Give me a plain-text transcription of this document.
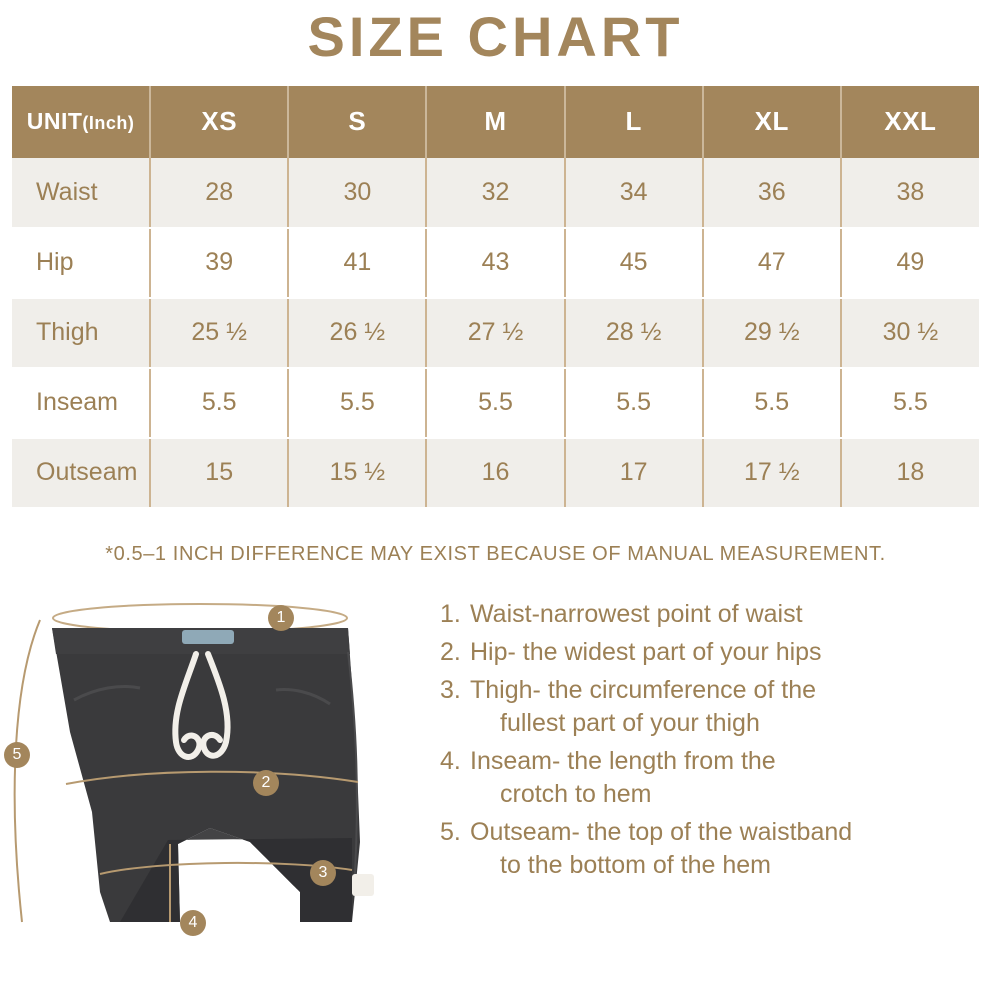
SIZE CHART
UNIT(Inch)	XS	S	M	L	XL	XXL
Waist	28	30	32	34	36	38
Hip	39	41	43	45	47	49
Thigh	25 ½	26 ½	27 ½	28 ½	29 ½	30 ½
Inseam	5.5	5.5	5.5	5.5	5.5	5.5
Outseam	15	15 ½	16	17	17 ½	18
*0.5–1 INCH DIFFERENCE MAY EXIST BECAUSE OF MANUAL MEASUREMENT.
1
2
3
4
5
1. Waist-narrowest point of waist
2. Hip- the widest part of your hips
3. Thigh- the circumference of the
fullest part of your thigh
4. Inseam- the length from the
crotch to hem
5. Outseam- the top of the waistband
to the bottom of the hem
